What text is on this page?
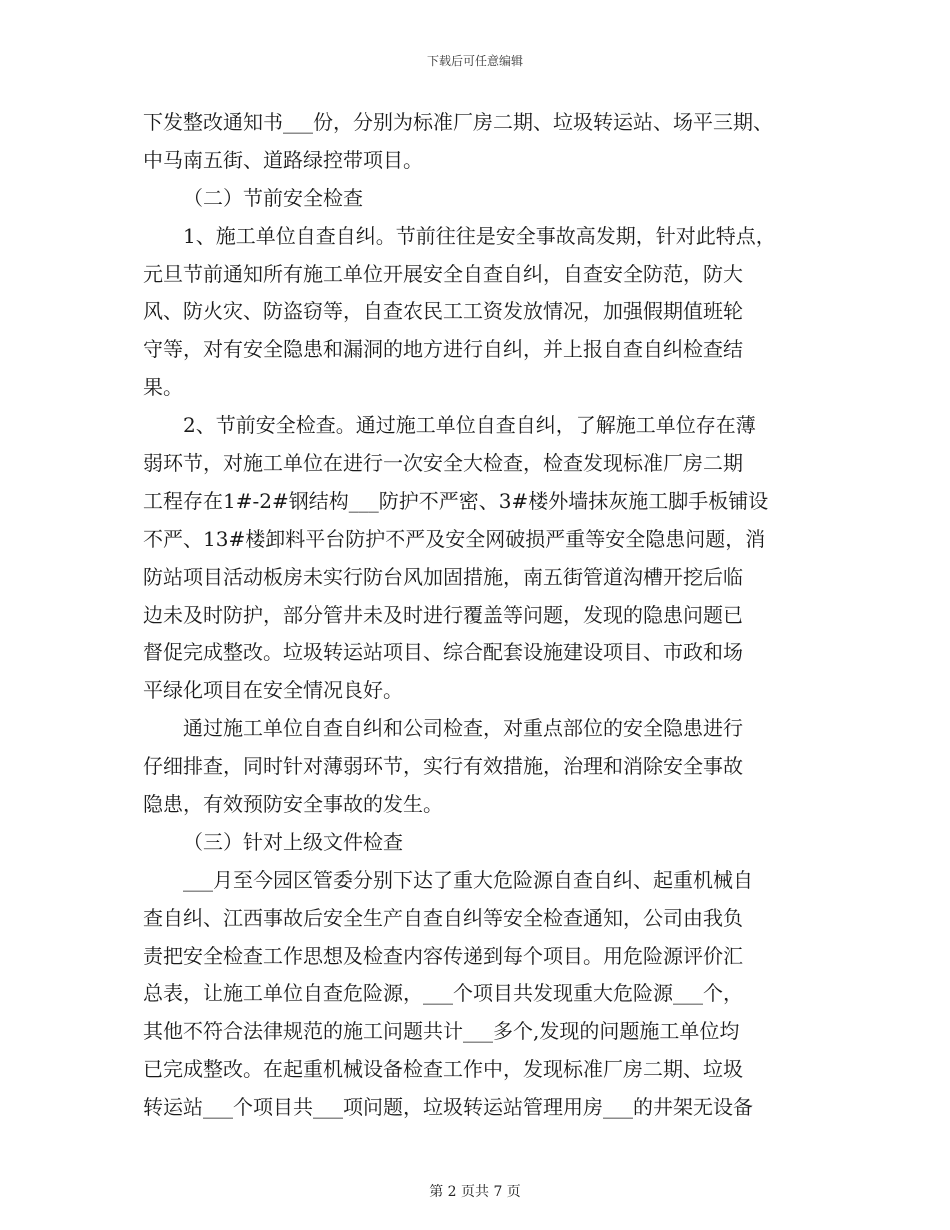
下载后可任意编辑
下发整改通知书___份，分别为标准厂房二期、垃圾转运站、场平三期、
中马南五街、道路绿控带项目。
（二）节前安全检查
1、施工单位自查自纠。节前往往是安全事故高发期，针对此特点，
元旦节前通知所有施工单位开展安全自查自纠，自查安全防范，防大
风、防火灾、防盗窃等，自查农民工工资发放情况，加强假期值班轮
守等，对有安全隐患和漏洞的地方进行自纠，并上报自查自纠检查结
果。
2、节前安全检查。通过施工单位自查自纠，了解施工单位存在薄
弱环节，对施工单位在进行一次安全大检查，检查发现标准厂房二期
工程存在1#-2#钢结构___防护不严密、3#楼外墙抹灰施工脚手板铺设
不严、13#楼卸料平台防护不严及安全网破损严重等安全隐患问题，消
防站项目活动板房未实行防台风加固措施，南五街管道沟槽开挖后临
边未及时防护，部分管井未及时进行覆盖等问题，发现的隐患问题已
督促完成整改。垃圾转运站项目、综合配套设施建设项目、市政和场
平绿化项目在安全情况良好。
通过施工单位自查自纠和公司检查，对重点部位的安全隐患进行
仔细排查，同时针对薄弱环节，实行有效措施，治理和消除安全事故
隐患，有效预防安全事故的发生。
（三）针对上级文件检查
___月至今园区管委分别下达了重大危险源自查自纠、起重机械自
查自纠、江西事故后安全生产自查自纠等安全检查通知，公司由我负
责把安全检查工作思想及检查内容传递到每个项目。用危险源评价汇
总表，让施工单位自查危险源，___个项目共发现重大危险源___个，
其他不符合法律规范的施工问题共计___多个,发现的问题施工单位均
已完成整改。在起重机械设备检查工作中，发现标准厂房二期、垃圾
转运站___个项目共___项问题，垃圾转运站管理用房___的井架无设备
第 2 页共 7 页
